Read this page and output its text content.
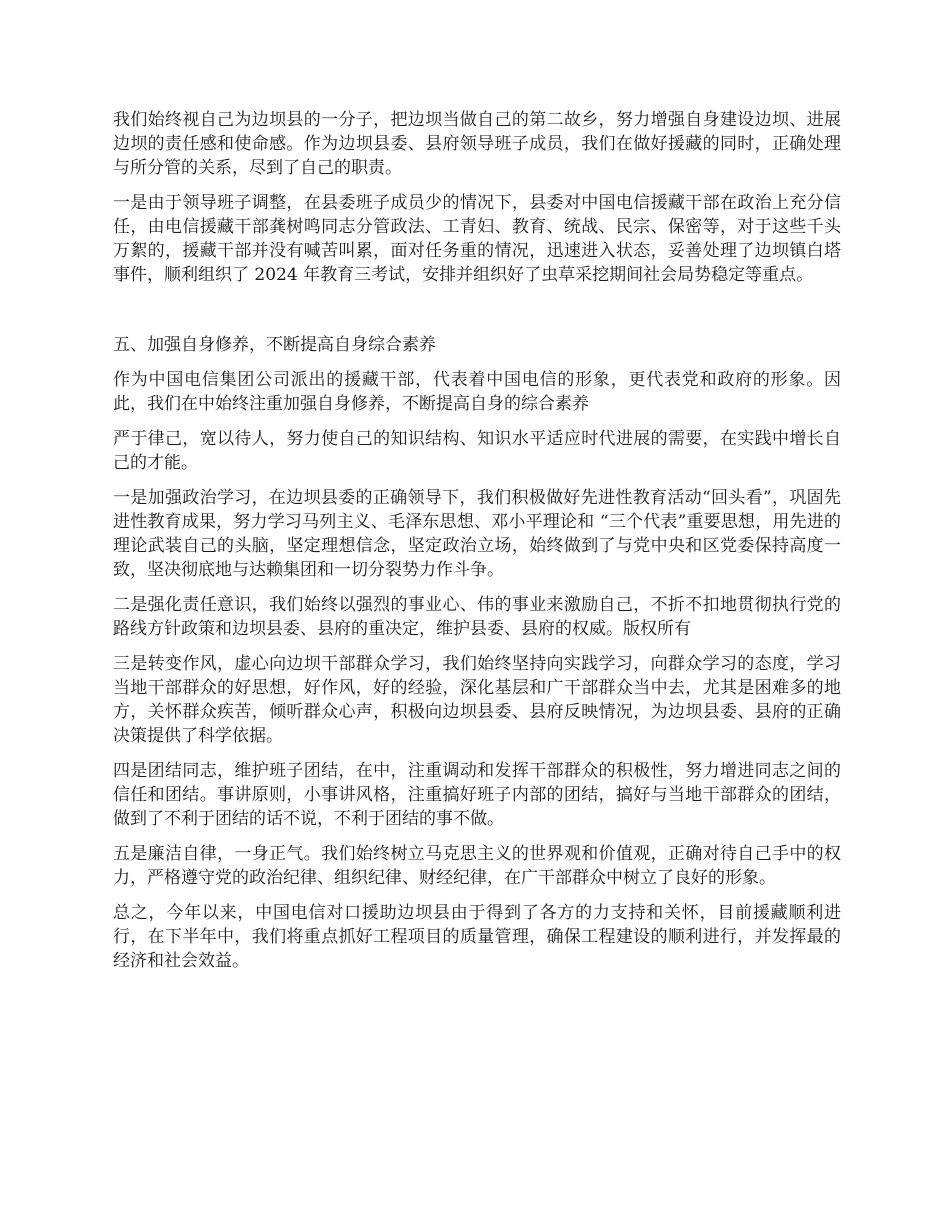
我们始终视自己为边坝县的一分子，把边坝当做自己的第二故乡，努力增强自身建设边坝、进展边坝的责任感和使命感。作为边坝县委、县府领导班子成员，我们在做好援藏的同时，正确处理与所分管的关系，尽到了自己的职责。

一是由于领导班子调整，在县委班子成员少的情况下，县委对中国电信援藏干部在政治上充分信任，由电信援藏干部龚树鸣同志分管政法、工青妇、教育、统战、民宗、保密等，对于这些千头万絮的，援藏干部并没有喊苦叫累，面对任务重的情况，迅速进入状态，妥善处理了边坝镇白塔事件，顺利组织了 2024 年教育三考试，安排并组织好了虫草采挖期间社会局势稳定等重点。

五、加强自身修养，不断提高自身综合素养

作为中国电信集团公司派出的援藏干部，代表着中国电信的形象，更代表党和政府的形象。因此，我们在中始终注重加强自身修养，不断提高自身的综合素养

严于律己，宽以待人，努力使自己的知识结构、知识水平适应时代进展的需要，在实践中增长自己的才能。

一是加强政治学习，在边坝县委的正确领导下，我们积极做好先进性教育活动“回头看”，巩固先进性教育成果，努力学习马列主义、毛泽东思想、邓小平理论和 “三个代表”重要思想，用先进的理论武装自己的头脑，坚定理想信念，坚定政治立场，始终做到了与党中央和区党委保持高度一致，坚决彻底地与达赖集团和一切分裂势力作斗争。

二是强化责任意识，我们始终以强烈的事业心、伟的事业来激励自己，不折不扣地贯彻执行党的路线方针政策和边坝县委、县府的重决定，维护县委、县府的权威。版权所有

三是转变作风，虚心向边坝干部群众学习，我们始终坚持向实践学习，向群众学习的态度，学习当地干部群众的好思想，好作风，好的经验，深化基层和广干部群众当中去，尤其是困难多的地方，关怀群众疾苦，倾听群众心声，积极向边坝县委、县府反映情况，为边坝县委、县府的正确决策提供了科学依据。

四是团结同志，维护班子团结，在中，注重调动和发挥干部群众的积极性，努力增进同志之间的信任和团结。事讲原则，小事讲风格，注重搞好班子内部的团结，搞好与当地干部群众的团结，做到了不利于团结的话不说，不利于团结的事不做。

五是廉洁自律，一身正气。我们始终树立马克思主义的世界观和价值观，正确对待自己手中的权力，严格遵守党的政治纪律、组织纪律、财经纪律，在广干部群众中树立了良好的形象。

总之，今年以来，中国电信对口援助边坝县由于得到了各方的力支持和关怀，目前援藏顺利进行，在下半年中，我们将重点抓好工程项目的质量管理，确保工程建设的顺利进行，并发挥最的经济和社会效益。
